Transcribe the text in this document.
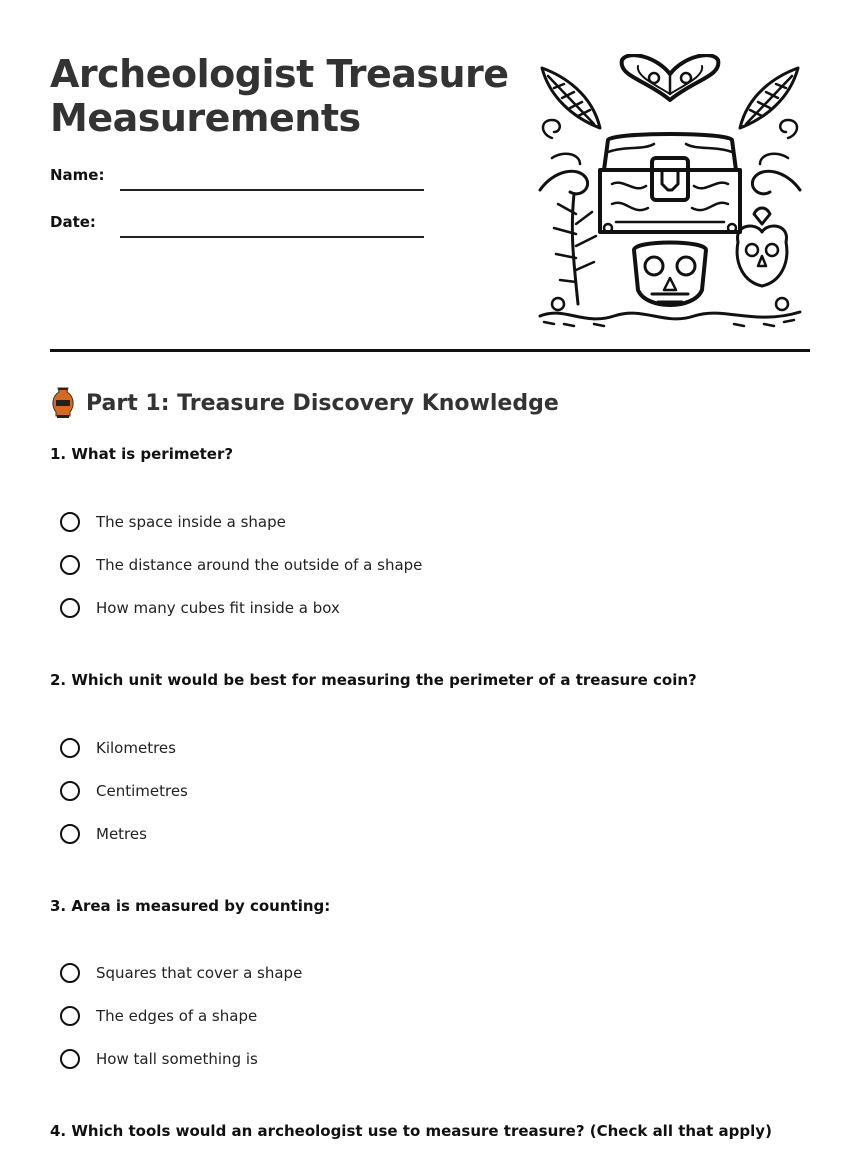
Archeologist Treasure
Measurements
Name:
Date:
Part 1: Treasure Discovery Knowledge

1. What is perimeter?

The space inside a shape
The distance around the outside of a shape
How many cubes fit inside a box

2. Which unit would be best for measuring the perimeter of a treasure coin?

Kilometres
Centimetres
Metres

3. Area is measured by counting:

Squares that cover a shape
The edges of a shape
How tall something is

4. Which tools would an archeologist use to measure treasure? (Check all that apply)
